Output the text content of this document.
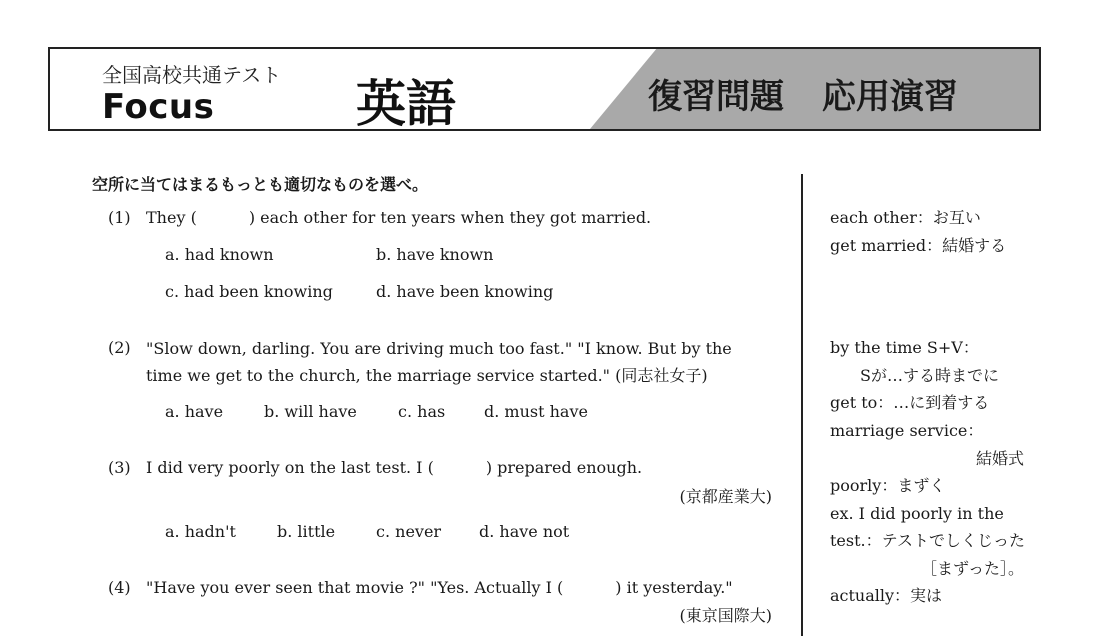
全国高校共通テスト
Focus	英語	復習問題 応用演習
空所に当てはまるもっとも適切なものを選べ。
(1) They (	) each other for ten years when they got married.
a. had known	b. have known
c. had been knowing	d. have been knowing
(2) "Slow down, darling. You are driving much too fast." "I know. But by the
time we get to the church, the marriage service started." (同志社女子)
a. have	b. will have	c. has d. must have
(3) I did very poorly on the last test. I (	) prepared enough.
(京都産業大)
a. hadn't	b. little	c. never d. have not
(4) "Have you ever seen that movie ?" "Yes. Actually I (	) it yesterday."
(東京国際大)
each other：お互い
get married：結婚する
by the time S+V：
Sが…する時までに
get to：…に到着する
marriage service：
結婚式
poorly：まずく
ex. I did poorly in the
test.：テストでしくじった
［まずった］。
actually：実は
